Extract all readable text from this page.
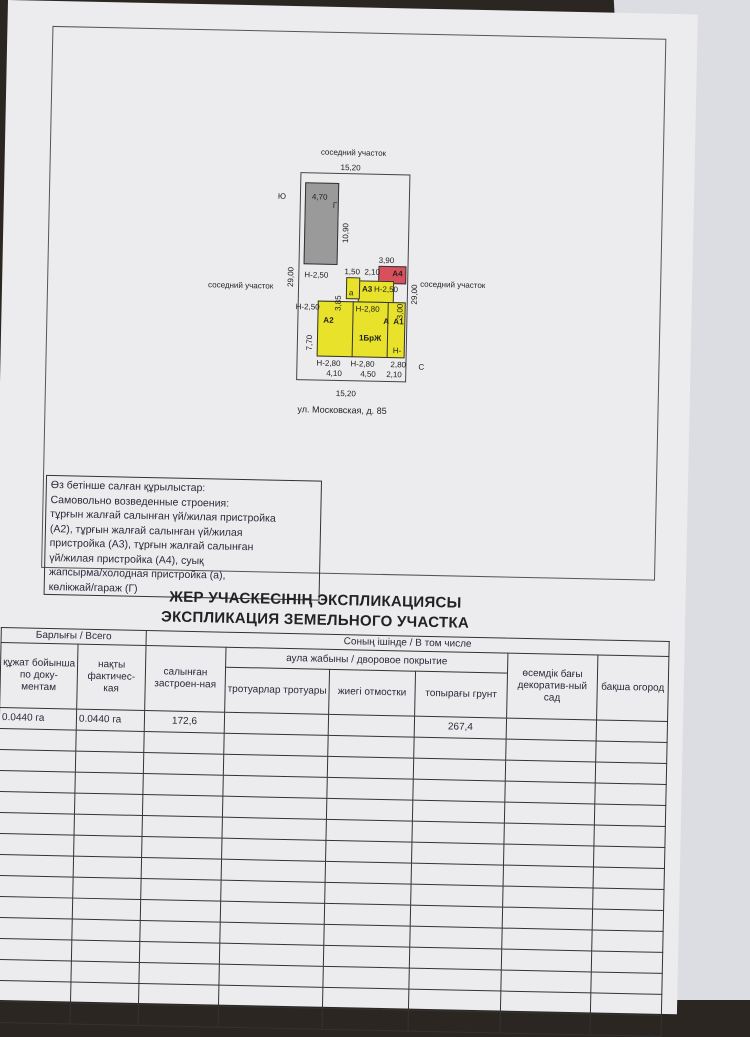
соседний участок
15,20
Ю	4,70
10,90
Г
29,00
соседний участок
Н-2,50 1,50 2,10
3,90
А4
А3 Н-2,50	соседний участок
29,00
3,85
3,00
а
Н-2,50	Н-2,80
А2	А А1
1БрЖ
7,70
Н-2,80 Н-2,80
Н-
2,80
4,10 4,50 2,10
С
15,20
ул. Московская, д. 85
Өз бетінше салған құрылыстар:
Самовольно возведенные строения:
тұрғын жалғай салынған үй/жилая пристройка
(А2), тұрғын жалғай салынған үй/жилая
пристройка (А3), тұрғын жалғай салынған
үй/жилая пристройка (А4), суық
жапсырма/холодная пристройка (а),
көлікжай/гараж (Г)
ЖЕР УЧАСКЕСІНІҢ ЭКСПЛИКАЦИЯСЫ
ЭКСПЛИКАЦИЯ ЗЕМЕЛЬНОГО УЧАСТКА
Барлығы / Всего		Соның ішінде / В том числе					
құжат бойынша по доку-ментам	нақты фактичес-кая	салынған застроен-ная	аула жабыны / дворовое покрытие			өсемдік бағы декоратив-ный сад	бақша огород
			тротуарлар тротуары	жиегі отмостки	топырағы грунт		
0.0440 га	0.0440 га	172,6			267,4		
